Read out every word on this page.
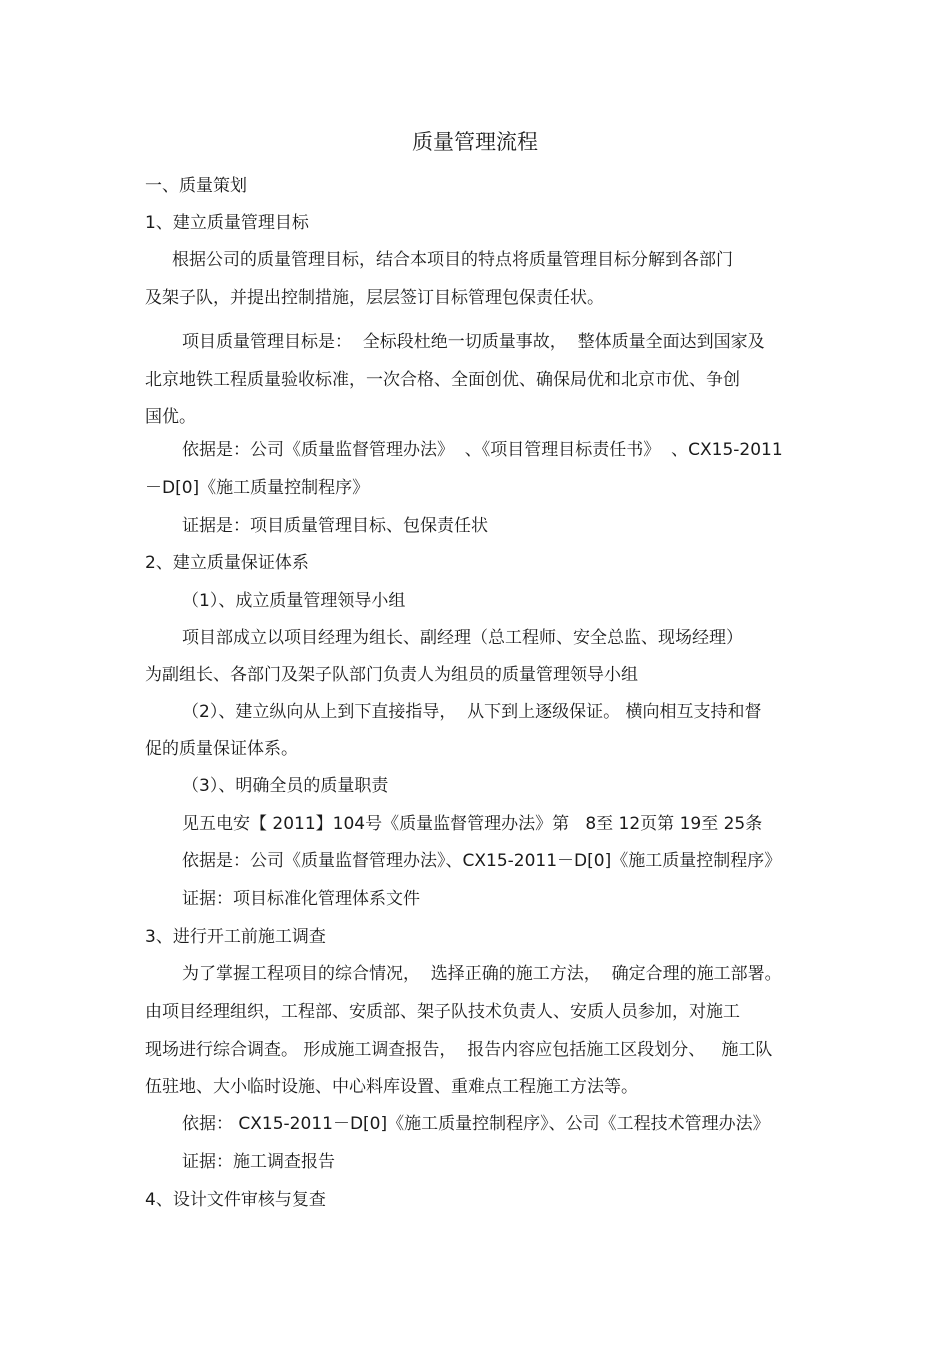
质量管理流程
一、质量策划
1、建立质量管理目标
根据公司的质量管理目标，结合本项目的特点将质量管理目标分解到各部门
及架子队，并提出控制措施，层层签订目标管理包保责任状。
项目质量管理目标是：  全标段杜绝一切质量事故，  整体质量全面达到国家及
北京地铁工程质量验收标准，一次合格、全面创优、确保局优和北京市优、争创
国优。
依据是：公司《质量监督管理办法》  、《项目管理目标责任书》  、CX15-2011
－D[0]《施工质量控制程序》
证据是：项目质量管理目标、包保责任状
2、建立质量保证体系
（1）、成立质量管理领导小组
项目部成立以项目经理为组长、副经理（总工程师、安全总监、现场经理）
为副组长、各部门及架子队部门负责人为组员的质量管理领导小组
（2）、建立纵向从上到下直接指导，  从下到上逐级保证。 横向相互支持和督
促的质量保证体系。
（3）、明确全员的质量职责
见五电安【 2011】104号《质量监督管理办法》第   8至 12页第 19至 25条
依据是：公司《质量监督管理办法》、CX15-2011－D[0]《施工质量控制程序》
证据：项目标准化管理体系文件
3、进行开工前施工调查
为了掌握工程项目的综合情况，  选择正确的施工方法，  确定合理的施工部署。
由项目经理组织，工程部、安质部、架子队技术负责人、安质人员参加，对施工
现场进行综合调查。 形成施工调查报告，  报告内容应包括施工区段划分、   施工队
伍驻地、大小临时设施、中心料库设置、重难点工程施工方法等。
依据： CX15-2011－D[0]《施工质量控制程序》、公司《工程技术管理办法》
证据：施工调查报告
4、设计文件审核与复查
